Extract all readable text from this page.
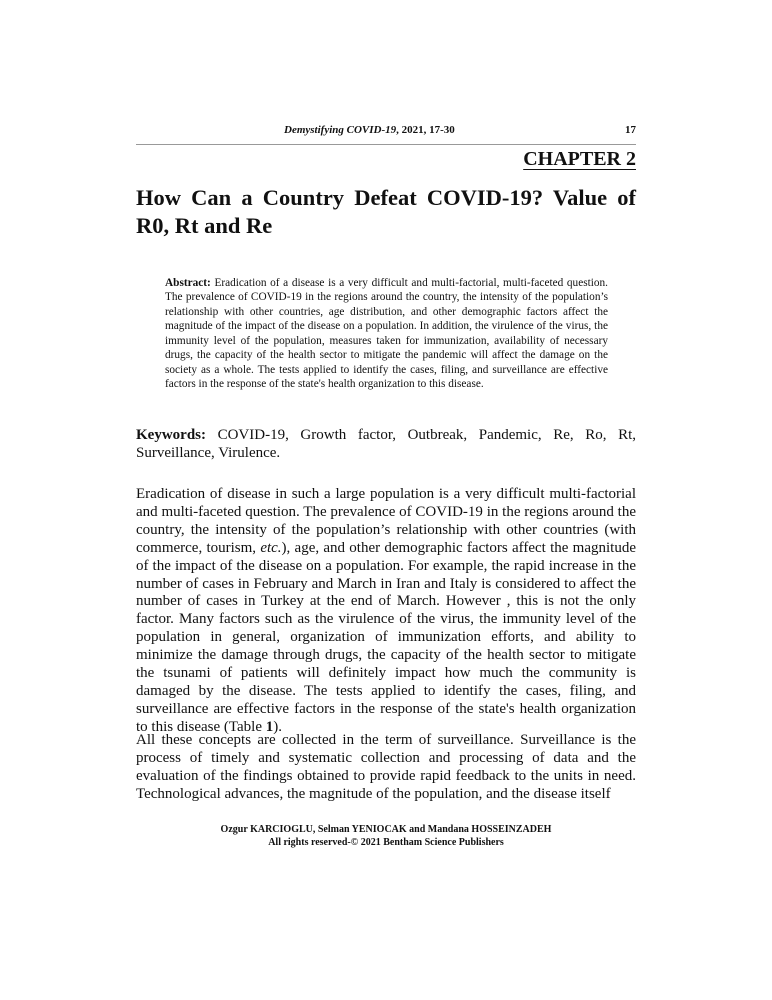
Demystifying COVID-19, 2021, 17-30	17
CHAPTER 2
How Can a Country Defeat COVID-19? Value of R0, Rt and Re

Abstract: Eradication of a disease is a very difficult and multi-factorial, multi-faceted question. The prevalence of COVID-19 in the regions around the country, the intensity of the population’s relationship with other countries, age distribution, and other demographic factors affect the magnitude of the impact of the disease on a population. In addition, the virulence of the virus, the immunity level of the population, measures taken for immunization, availability of necessary drugs, the capacity of the health sector to mitigate the pandemic will affect the damage on the society as a whole. The tests applied to identify the cases, filing, and surveillance are effective factors in the response of the state's health organization to this disease.

Keywords: COVID-19, Growth factor, Outbreak, Pandemic, Re, Ro, Rt, Surveillance, Virulence.

Eradication of disease in such a large population is a very difficult multi-factorial and multi-faceted question. The prevalence of COVID-19 in the regions around the country, the intensity of the population’s relationship with other countries (with commerce, tourism, etc.), age, and other demographic factors affect the magnitude of the impact of the disease on a population. For example, the rapid increase in the number of cases in February and March in Iran and Italy is considered to affect the number of cases in Turkey at the end of March. However , this is not the only factor. Many factors such as the virulence of the virus, the immunity level of the population in general, organization of immunization efforts, and ability to minimize the damage through drugs, the capacity of the health sector to mitigate the tsunami of patients will definitely impact how much the community is damaged by the disease. The tests applied to identify the cases, filing, and surveillance are effective factors in the response of the state's health organization to this disease (Table 1).

All these concepts are collected in the term of surveillance. Surveillance is the process of timely and systematic collection and processing of data and the evaluation of the findings obtained to provide rapid feedback to the units in need. Technological advances, the magnitude of the population, and the disease itself

Ozgur KARCIOGLU, Selman YENIOCAK and Mandana HOSSEINZADEH
All rights reserved-© 2021 Bentham Science Publishers
